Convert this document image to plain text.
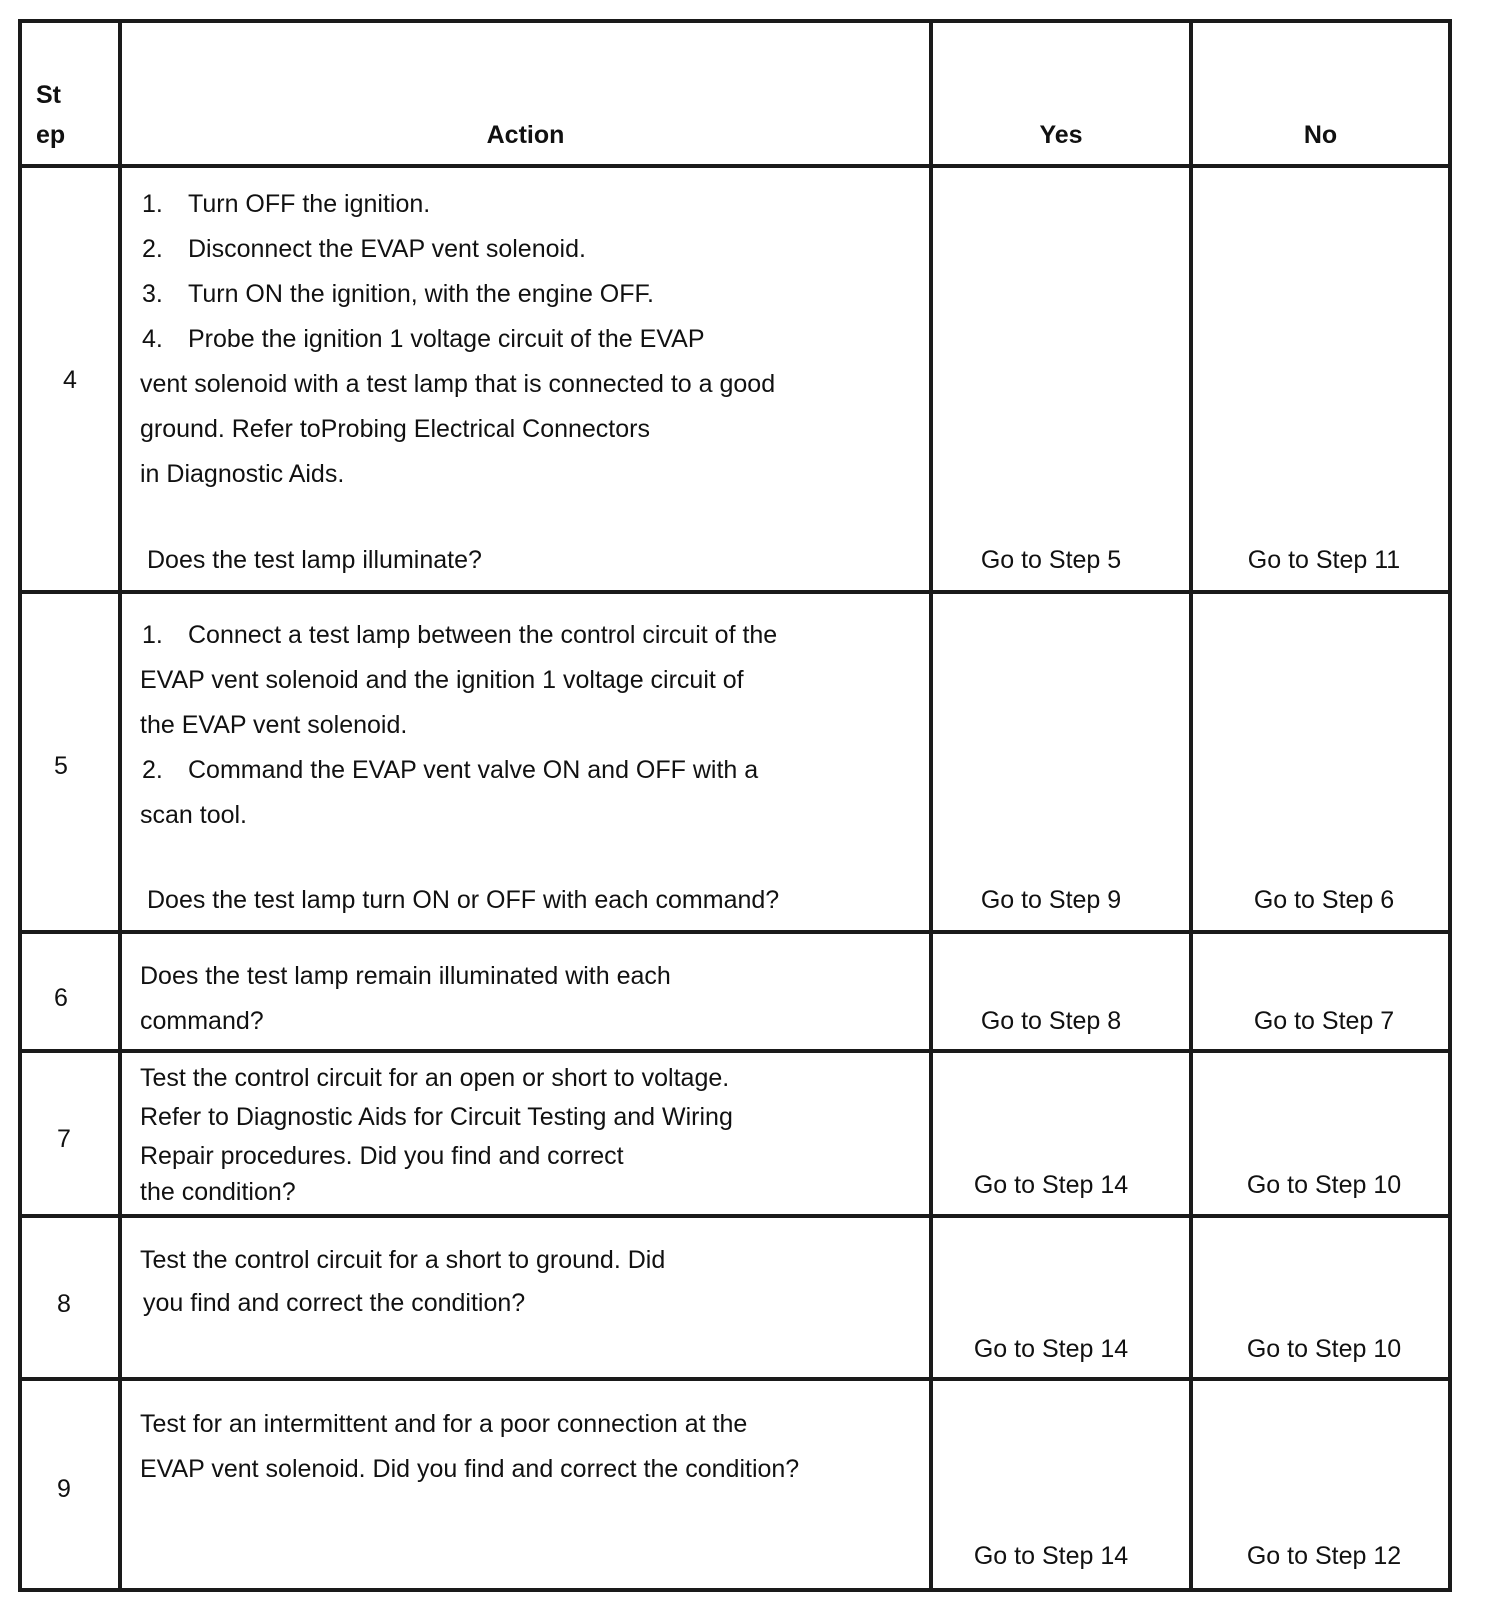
St
ep	Action	Yes	No
4
1. Turn OFF the ignition.
2. Disconnect the EVAP vent solenoid.
3. Turn ON the ignition, with the engine OFF.
4. Probe the ignition 1 voltage circuit of the EVAP
vent solenoid with a test lamp that is connected to a good
ground. Refer toProbing Electrical Connectors
in Diagnostic Aids.
Does the test lamp illuminate?	Go to Step 5	Go to Step 11
5
1. Connect a test lamp between the control circuit of the
EVAP vent solenoid and the ignition 1 voltage circuit of
the EVAP vent solenoid.
2. Command the EVAP vent valve ON and OFF with a
scan tool.
Does the test lamp turn ON or OFF with each command?	Go to Step 9	Go to Step 6
6
Does the test lamp remain illuminated with each
command?	Go to Step 8	Go to Step 7
7
Test the control circuit for an open or short to voltage.
Refer to Diagnostic Aids for Circuit Testing and Wiring
Repair procedures. Did you find and correct
the condition?	Go to Step 14	Go to Step 10
8
Test the control circuit for a short to ground. Did
you find and correct the condition?
Go to Step 14	Go to Step 10
9
Test for an intermittent and for a poor connection at the
EVAP vent solenoid. Did you find and correct the condition?
Go to Step 14	Go to Step 12
